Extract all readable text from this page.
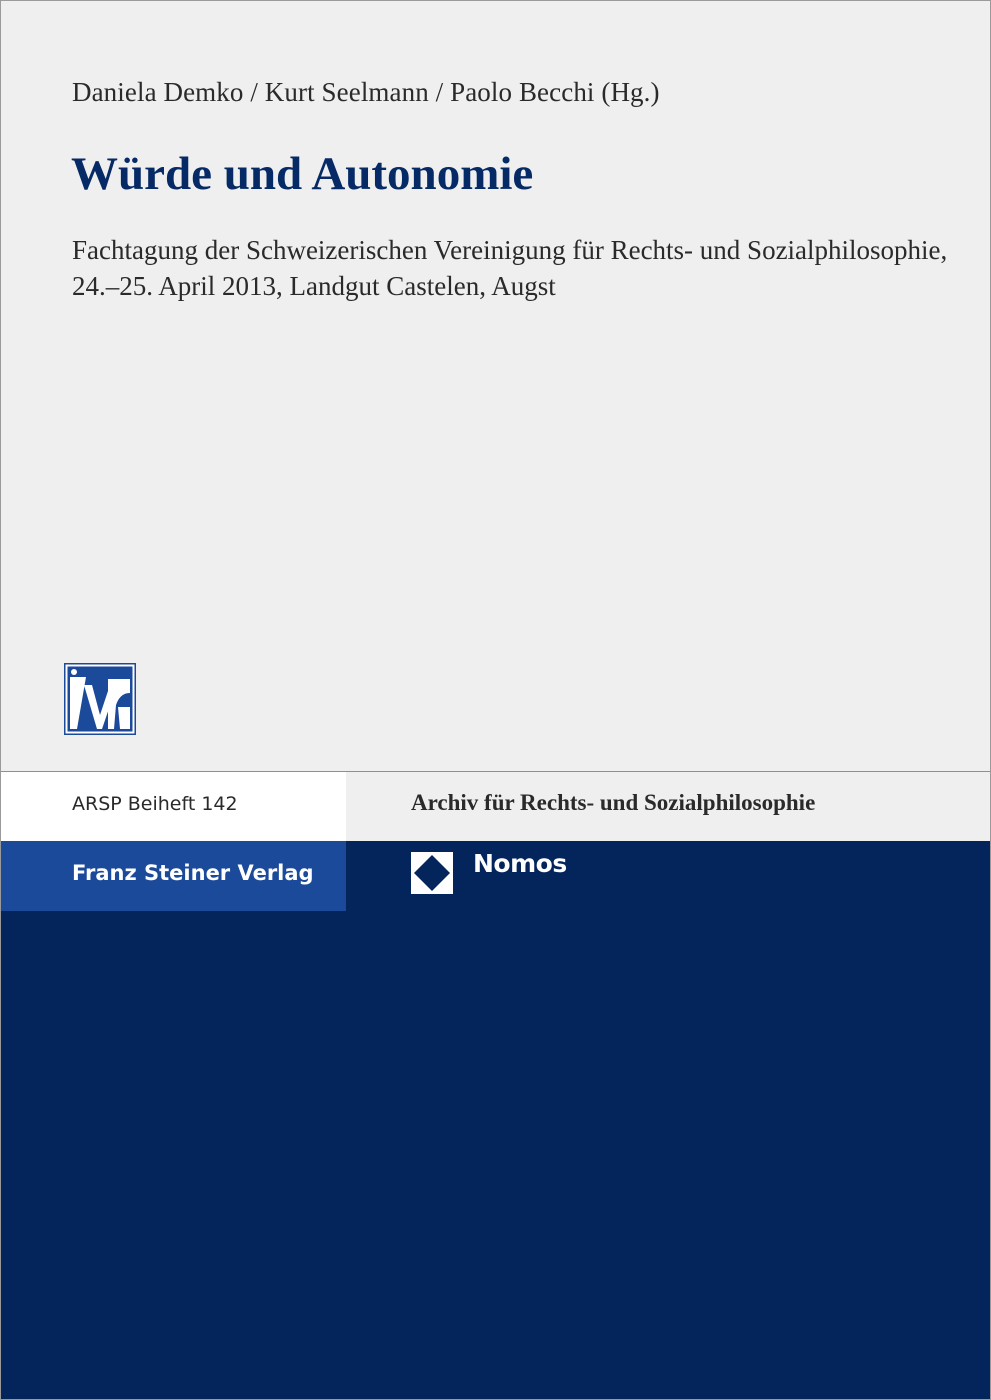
Daniela Demko / Kurt Seelmann / Paolo Becchi (Hg.)
Würde und Autonomie
Fachtagung der Schweizerischen Vereinigung für Rechts- und Sozialphilosophie, 24.–25. April 2013, Landgut Castelen, Augst
ARSP Beiheft 142	Archiv für Rechts- und Sozialphilosophie
Franz Steiner Verlag	Nomos
